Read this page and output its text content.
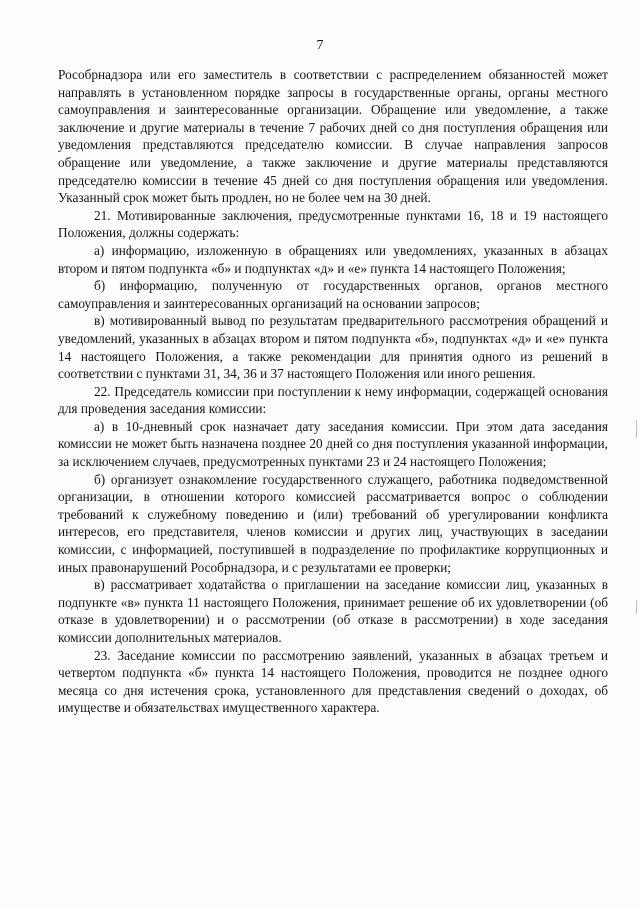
7

Рособрнадзора или его заместитель в соответствии с распределением обязанностей может направлять в установленном порядке запросы в государственные органы, органы местного самоуправления и заинтересованные организации. Обращение или уведомление, а также заключение и другие материалы в течение 7 рабочих дней со дня поступления обращения или уведомления представляются председателю комиссии. В случае направления запросов обращение или уведомление, а также заключение и другие материалы представляются председателю комиссии в течение 45 дней со дня поступления обращения или уведомления. Указанный срок может быть продлен, но не более чем на 30 дней.

21. Мотивированные заключения, предусмотренные пунктами 16, 18 и 19 настоящего Положения, должны содержать:

а) информацию, изложенную в обращениях или уведомлениях, указанных в абзацах втором и пятом подпункта «б» и подпунктах «д» и «е» пункта 14 настоящего Положения;

б) информацию, полученную от государственных органов, органов местного самоуправления и заинтересованных организаций на основании запросов;

в) мотивированный вывод по результатам предварительного рассмотрения обращений и уведомлений, указанных в абзацах втором и пятом подпункта «б», подпунктах «д» и «е» пункта 14 настоящего Положения, а также рекомендации для принятия одного из решений в соответствии с пунктами 31, 34, 36 и 37 настоящего Положения или иного решения.

22. Председатель комиссии при поступлении к нему информации, содержащей основания для проведения заседания комиссии:

а) в 10-дневный срок назначает дату заседания комиссии. При этом дата заседания комиссии не может быть назначена позднее 20 дней со дня поступления указанной информации, за исключением случаев, предусмотренных пунктами 23 и 24 настоящего Положения;

б) организует ознакомление государственного служащего, работника подведомственной организации, в отношении которого комиссией рассматривается вопрос о соблюдении требований к служебному поведению и (или) требований об урегулировании конфликта интересов, его представителя, членов комиссии и других лиц, участвующих в заседании комиссии, с информацией, поступившей в подразделение по профилактике коррупционных и иных правонарушений Рособрнадзора, и с результатами ее проверки;

в) рассматривает ходатайства о приглашении на заседание комиссии лиц, указанных в подпункте «в» пункта 11 настоящего Положения, принимает решение об их удовлетворении (об отказе в удовлетворении) и о рассмотрении (об отказе в рассмотрении) в ходе заседания комиссии дополнительных материалов.

23. Заседание комиссии по рассмотрению заявлений, указанных в абзацах третьем и четвертом подпункта «б» пункта 14 настоящего Положения, проводится не позднее одного месяца со дня истечения срока, установленного для представления сведений о доходах, об имуществе и обязательствах имущественного характера.
